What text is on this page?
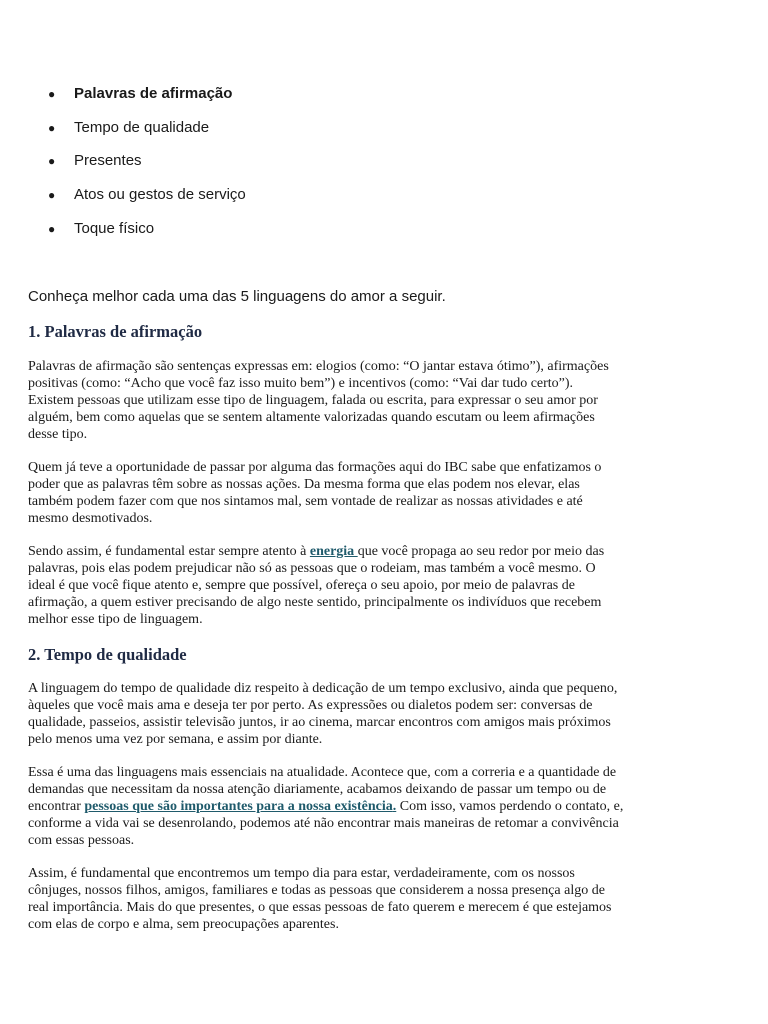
● Palavras de afirmação
● Tempo de qualidade
● Presentes
● Atos ou gestos de serviço
● Toque físico

Conheça melhor cada uma das 5 linguagens do amor a seguir.

1. Palavras de afirmação
Palavras de afirmação são sentenças expressas em: elogios (como: “O jantar estava ótimo”), afirmações
positivas (como: “Acho que você faz isso muito bem”) e incentivos (como: “Vai dar tudo certo”).
Existem pessoas que utilizam esse tipo de linguagem, falada ou escrita, para expressar o seu amor por
alguém, bem como aquelas que se sentem altamente valorizadas quando escutam ou leem afirmações
desse tipo.
Quem já teve a oportunidade de passar por alguma das formações aqui do IBC sabe que enfatizamos o
poder que as palavras têm sobre as nossas ações. Da mesma forma que elas podem nos elevar, elas
também podem fazer com que nos sintamos mal, sem vontade de realizar as nossas atividades e até
mesmo desmotivados.
Sendo assim, é fundamental estar sempre atento à energia que você propaga ao seu redor por meio das
palavras, pois elas podem prejudicar não só as pessoas que o rodeiam, mas também a você mesmo. O
ideal é que você fique atento e, sempre que possível, ofereça o seu apoio, por meio de palavras de
afirmação, a quem estiver precisando de algo neste sentido, principalmente os indivíduos que recebem
melhor esse tipo de linguagem.
2. Tempo de qualidade
A linguagem do tempo de qualidade diz respeito à dedicação de um tempo exclusivo, ainda que pequeno,
àqueles que você mais ama e deseja ter por perto. As expressões ou dialetos podem ser: conversas de
qualidade, passeios, assistir televisão juntos, ir ao cinema, marcar encontros com amigos mais próximos
pelo menos uma vez por semana, e assim por diante.
Essa é uma das linguagens mais essenciais na atualidade. Acontece que, com a correria e a quantidade de
demandas que necessitam da nossa atenção diariamente, acabamos deixando de passar um tempo ou de
encontrar pessoas que são importantes para a nossa existência. Com isso, vamos perdendo o contato, e,
conforme a vida vai se desenrolando, podemos até não encontrar mais maneiras de retomar a convivência
com essas pessoas.
Assim, é fundamental que encontremos um tempo dia para estar, verdadeiramente, com os nossos
cônjuges, nossos filhos, amigos, familiares e todas as pessoas que considerem a nossa presença algo de
real importância. Mais do que presentes, o que essas pessoas de fato querem e merecem é que estejamos
com elas de corpo e alma, sem preocupações aparentes.
